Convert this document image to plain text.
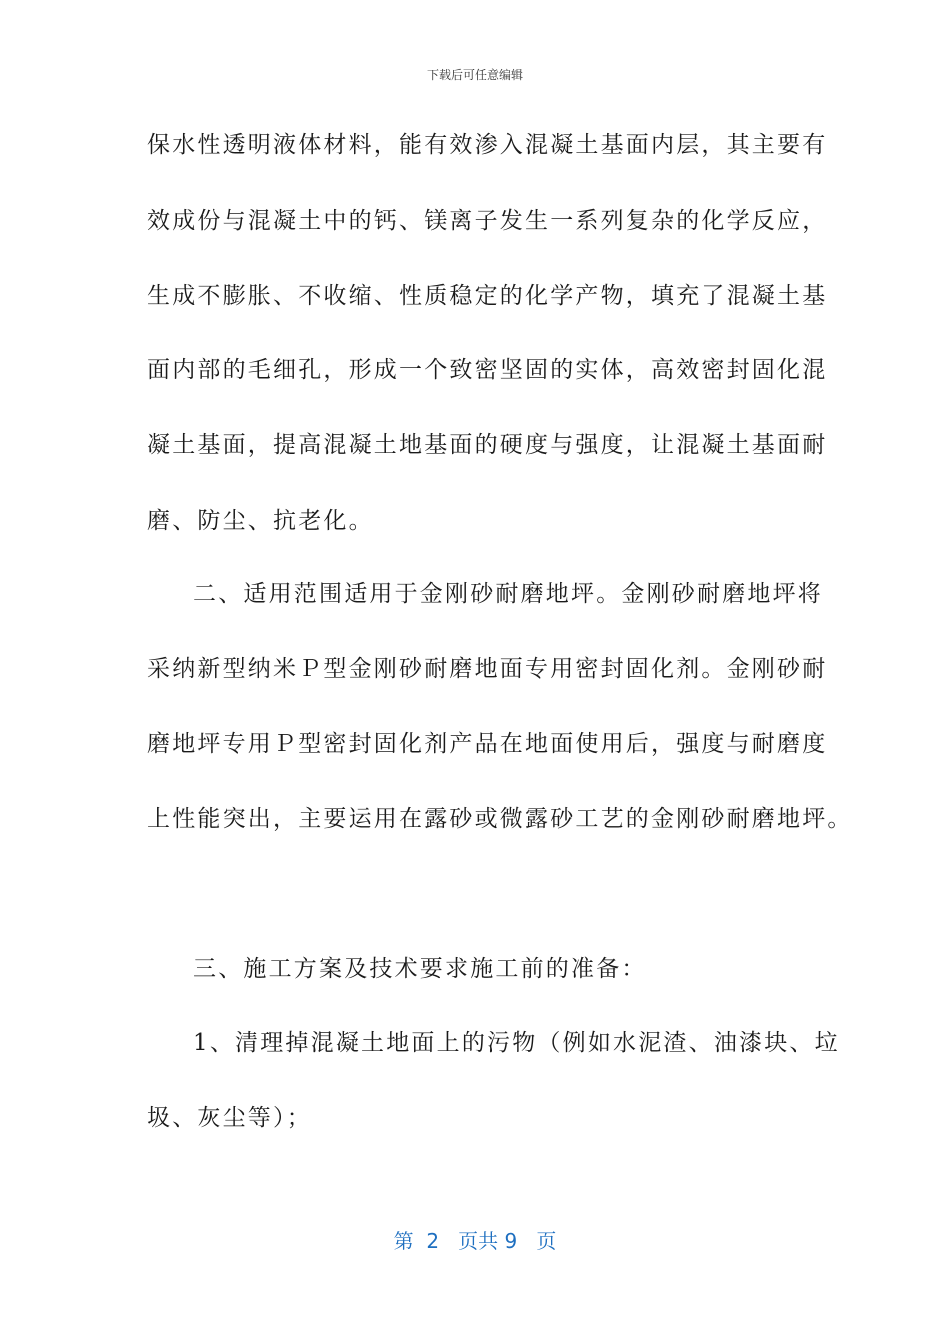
下载后可任意编辑
保水性透明液体材料，能有效渗入混凝土基面内层，其主要有
效成份与混凝土中的钙、镁离子发生一系列复杂的化学反应，
生成不膨胀、不收缩、性质稳定的化学产物，填充了混凝土基
面内部的毛细孔，形成一个致密坚固的实体，高效密封固化混
凝土基面，提高混凝土地基面的硬度与强度，让混凝土基面耐
磨、防尘、抗老化。
二、适用范围适用于金刚砂耐磨地坪。金刚砂耐磨地坪将
采纳新型纳米Ｐ型金刚砂耐磨地面专用密封固化剂。金刚砂耐
磨地坪专用Ｐ型密封固化剂产品在地面使用后，强度与耐磨度
上性能突出，主要运用在露砂或微露砂工艺的金刚砂耐磨地坪。
三、施工方案及技术要求施工前的准备：
1、清理掉混凝土地面上的污物（例如水泥渣、油漆块、垃
圾、灰尘等）；
第  2   页共 9   页
